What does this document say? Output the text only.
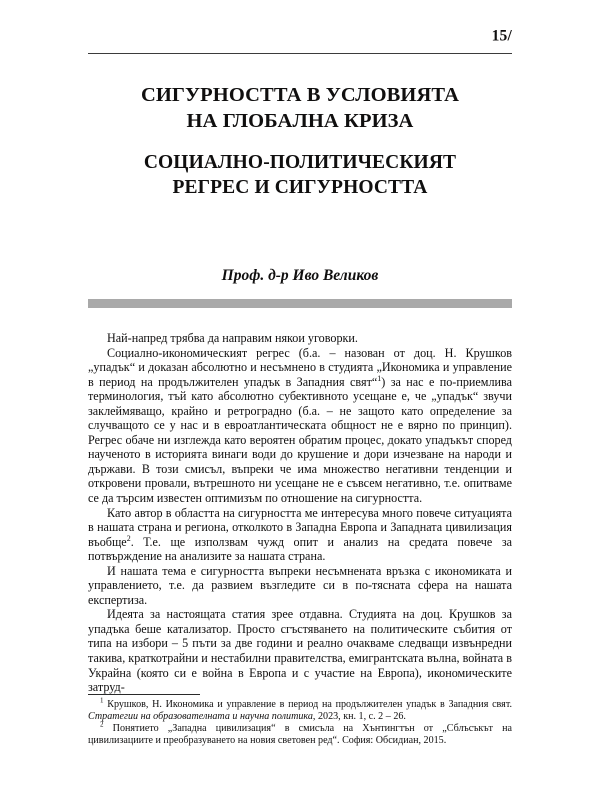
15/
СИГУРНОСТТА В УСЛОВИЯТА
НА ГЛОБАЛНА КРИЗА
СОЦИАЛНО-ПОЛИТИЧЕСКИЯТ
РЕГРЕС И СИГУРНОСТТА
Проф. д-р Иво Великов

Най-напред трябва да направим някои уговорки.

Социално-икономическият регрес (б.а. – назован от доц. Н. Крушков „упадък“ и доказан абсолютно и несъмнено в студията „Икономика и управление в период на продължителен упадък в Западния свят“$^1$) за нас е по-приемлива терминология, тъй като абсолютно субективното усещане е, че „упадък“ звучи заклеймяващо, крайно и ретроградно (б.а. – не защото като определение за случващото се у нас и в евроатлантическата общност не е вярно по принцип). Регрес обаче ни изглежда като вероятен обратим процес, докато упадъкът според наученото в историята винаги води до крушение и дори изчезване на народи и държави. В този смисъл, въпреки че има множество негативни тенденции и откровени провали, вътрешното ни усещане не е съвсем негативно, т.е. опитваме се да търсим известен оптимизъм по отношение на сигурността.

Като автор в областта на сигурността ме интересува много повече ситуацията в нашата страна и региона, отколкото в Западна Европа и Западната цивилизация въобще$^2$. Т.е. ще използвам чужд опит и анализ на средата повече за потвърждение на анализите за нашата страна.

И нашата тема е сигурността въпреки несъмнената връзка с икономиката и управлението, т.е. да развием възгледите си в по-тясната сфера на нашата експертиза.

Идеята за настоящата статия зрее отдавна. Студията на доц. Крушков за упадъка беше катализатор. Просто сгъстяването на политическите събития от типа на избори – 5 пъти за две години и реално очакваме следващи извънредни такива, краткотрайни и нестабилни правителства, емигрантската вълна, войната в Украйна (която си е война в Европа и с участие на Европа), икономическите затруд-

$^1$ Крушков, Н. Икономика и управление в период на продължителен упадък в Западния свят. Стратегии на образователната и научна политика, 2023, кн. 1, с. 2 – 26.

$^2$ Понятието „Западна цивилизация“ в смисъла на Хънтингтън от „Сблъсъкът на цивилизациите и преобразуването на новия световен ред“. София: Обсидиан, 2015.
